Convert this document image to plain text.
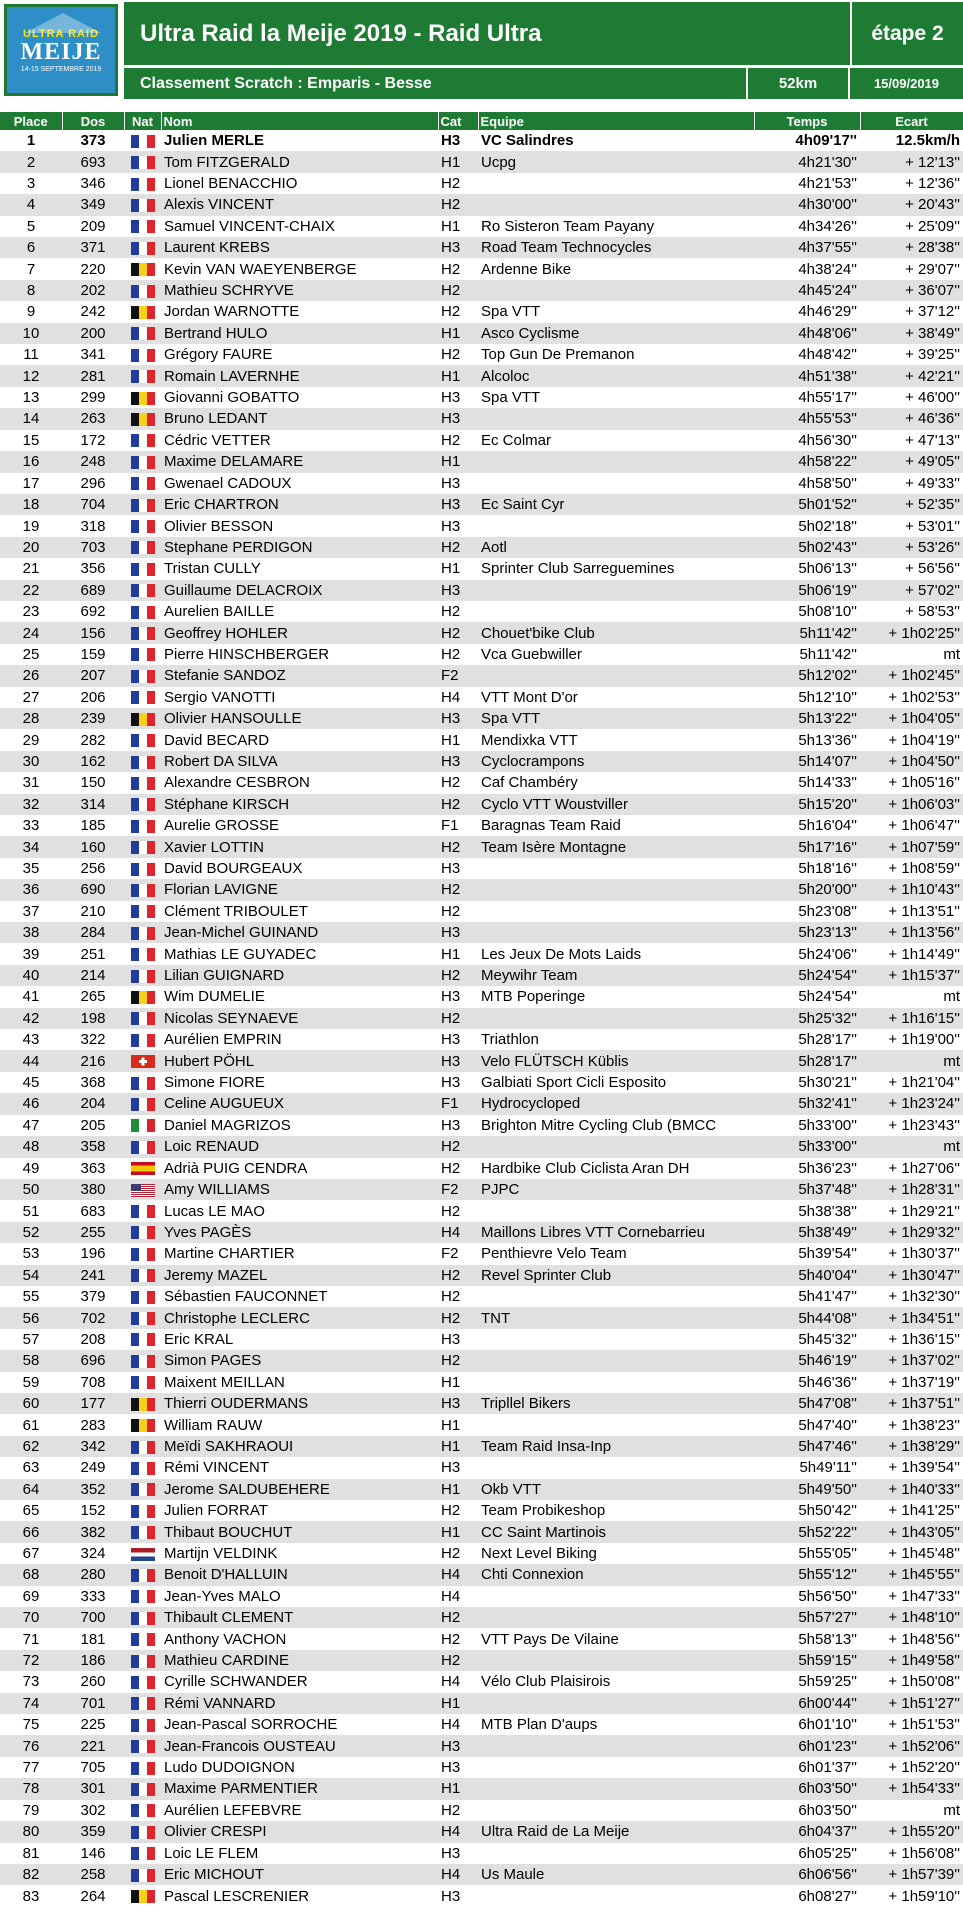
ULTRA RAID
MEIJE
14-15 SEPTEMBRE 2019
Ultra Raid la Meije 2019 - Raid Ultra	étape 2
Classement Scratch : Emparis - Besse	52km	15/09/2019
Place	Dos	Nat	Nom	Cat	Equipe	Temps	Ecart
1	373		Julien MERLE	H3	VC Salindres	4h09'17''	12.5km/h
2	693		Tom FITZGERALD	H1	Ucpg	4h21'30''	+ 12'13''
3	346		Lionel BENACCHIO	H2		4h21'53''	+ 12'36''
4	349		Alexis VINCENT	H2		4h30'00''	+ 20'43''
5	209		Samuel VINCENT-CHAIX	H1	Ro Sisteron Team Payany	4h34'26''	+ 25'09''
6	371		Laurent KREBS	H3	Road Team Technocycles	4h37'55''	+ 28'38''
7	220		Kevin VAN WAEYENBERGE	H2	Ardenne Bike	4h38'24''	+ 29'07''
8	202		Mathieu SCHRYVE	H2		4h45'24''	+ 36'07''
9	242		Jordan WARNOTTE	H2	Spa VTT	4h46'29''	+ 37'12''
10	200		Bertrand HULO	H1	Asco Cyclisme	4h48'06''	+ 38'49''
11	341		Grégory FAURE	H2	Top Gun De Premanon	4h48'42''	+ 39'25''
12	281		Romain LAVERNHE	H1	Alcoloc	4h51'38''	+ 42'21''
13	299		Giovanni GOBATTO	H3	Spa VTT	4h55'17''	+ 46'00''
14	263		Bruno LEDANT	H3		4h55'53''	+ 46'36''
15	172		Cédric VETTER	H2	Ec Colmar	4h56'30''	+ 47'13''
16	248		Maxime DELAMARE	H1		4h58'22''	+ 49'05''
17	296		Gwenael CADOUX	H3		4h58'50''	+ 49'33''
18	704		Eric CHARTRON	H3	Ec Saint Cyr	5h01'52''	+ 52'35''
19	318		Olivier BESSON	H3		5h02'18''	+ 53'01''
20	703		Stephane PERDIGON	H2	Aotl	5h02'43''	+ 53'26''
21	356		Tristan CULLY	H1	Sprinter Club Sarreguemines	5h06'13''	+ 56'56''
22	689		Guillaume DELACROIX	H3		5h06'19''	+ 57'02''
23	692		Aurelien BAILLE	H2		5h08'10''	+ 58'53''
24	156		Geoffrey HOHLER	H2	Chouet'bike Club	5h11'42''	+ 1h02'25''
25	159		Pierre HINSCHBERGER	H2	Vca Guebwiller	5h11'42''	mt
26	207		Stefanie SANDOZ	F2		5h12'02''	+ 1h02'45''
27	206		Sergio VANOTTI	H4	VTT Mont D'or	5h12'10''	+ 1h02'53''
28	239		Olivier HANSOULLE	H3	Spa VTT	5h13'22''	+ 1h04'05''
29	282		David BECARD	H1	Mendixka VTT	5h13'36''	+ 1h04'19''
30	162		Robert DA SILVA	H3	Cyclocrampons	5h14'07''	+ 1h04'50''
31	150		Alexandre CESBRON	H2	Caf Chambéry	5h14'33''	+ 1h05'16''
32	314		Stéphane KIRSCH	H2	Cyclo VTT Woustviller	5h15'20''	+ 1h06'03''
33	185		Aurelie GROSSE	F1	Baragnas Team Raid	5h16'04''	+ 1h06'47''
34	160		Xavier LOTTIN	H2	Team Isère Montagne	5h17'16''	+ 1h07'59''
35	256		David BOURGEAUX	H3		5h18'16''	+ 1h08'59''
36	690		Florian LAVIGNE	H2		5h20'00''	+ 1h10'43''
37	210		Clément TRIBOULET	H2		5h23'08''	+ 1h13'51''
38	284		Jean-Michel GUINAND	H3		5h23'13''	+ 1h13'56''
39	251		Mathias LE GUYADEC	H1	Les Jeux De Mots Laids	5h24'06''	+ 1h14'49''
40	214		Lilian GUIGNARD	H2	Meywihr Team	5h24'54''	+ 1h15'37''
41	265		Wim DUMELIE	H3	MTB Poperinge	5h24'54''	mt
42	198		Nicolas SEYNAEVE	H2		5h25'32''	+ 1h16'15''
43	322		Aurélien EMPRIN	H3	Triathlon	5h28'17''	+ 1h19'00''
44	216		Hubert PÖHL	H3	Velo FLÜTSCH Küblis	5h28'17''	mt
45	368		Simone FIORE	H3	Galbiati Sport Cicli Esposito	5h30'21''	+ 1h21'04''
46	204		Celine AUGUEUX	F1	Hydrocycloped	5h32'41''	+ 1h23'24''
47	205		Daniel MAGRIZOS	H3	Brighton Mitre Cycling Club (BMCC	5h33'00''	+ 1h23'43''
48	358		Loic RENAUD	H2		5h33'00''	mt
49	363		Adrià PUIG CENDRA	H2	Hardbike Club Ciclista Aran DH	5h36'23''	+ 1h27'06''
50	380		Amy WILLIAMS	F2	PJPC	5h37'48''	+ 1h28'31''
51	683		Lucas LE MAO	H2		5h38'38''	+ 1h29'21''
52	255		Yves PAGÈS	H4	Maillons Libres VTT Cornebarrieu	5h38'49''	+ 1h29'32''
53	196		Martine CHARTIER	F2	Penthievre Velo Team	5h39'54''	+ 1h30'37''
54	241		Jeremy MAZEL	H2	Revel Sprinter Club	5h40'04''	+ 1h30'47''
55	379		Sébastien FAUCONNET	H2		5h41'47''	+ 1h32'30''
56	702		Christophe LECLERC	H2	TNT	5h44'08''	+ 1h34'51''
57	208		Eric KRAL	H3		5h45'32''	+ 1h36'15''
58	696		Simon PAGES	H2		5h46'19''	+ 1h37'02''
59	708		Maixent MEILLAN	H1		5h46'36''	+ 1h37'19''
60	177		Thierri OUDERMANS	H3	Tripllel Bikers	5h47'08''	+ 1h37'51''
61	283		William RAUW	H1		5h47'40''	+ 1h38'23''
62	342		Meïdi SAKHRAOUI	H1	Team Raid Insa-Inp	5h47'46''	+ 1h38'29''
63	249		Rémi VINCENT	H3		5h49'11''	+ 1h39'54''
64	352		Jerome SALDUBEHERE	H1	Okb VTT	5h49'50''	+ 1h40'33''
65	152		Julien FORRAT	H2	Team Probikeshop	5h50'42''	+ 1h41'25''
66	382		Thibaut BOUCHUT	H1	CC Saint Martinois	5h52'22''	+ 1h43'05''
67	324		Martijn VELDINK	H2	Next Level Biking	5h55'05''	+ 1h45'48''
68	280		Benoit D'HALLUIN	H4	Chti Connexion	5h55'12''	+ 1h45'55''
69	333		Jean-Yves MALO	H4		5h56'50''	+ 1h47'33''
70	700		Thibault CLEMENT	H2		5h57'27''	+ 1h48'10''
71	181		Anthony VACHON	H2	VTT Pays De Vilaine	5h58'13''	+ 1h48'56''
72	186		Mathieu CARDINE	H2		5h59'15''	+ 1h49'58''
73	260		Cyrille SCHWANDER	H4	Vélo Club Plaisirois	5h59'25''	+ 1h50'08''
74	701		Rémi VANNARD	H1		6h00'44''	+ 1h51'27''
75	225		Jean-Pascal SORROCHE	H4	MTB Plan D'aups	6h01'10''	+ 1h51'53''
76	221		Jean-Francois OUSTEAU	H3		6h01'23''	+ 1h52'06''
77	705		Ludo DUDOIGNON	H3		6h01'37''	+ 1h52'20''
78	301		Maxime PARMENTIER	H1		6h03'50''	+ 1h54'33''
79	302		Aurélien LEFEBVRE	H2		6h03'50''	mt
80	359		Olivier CRESPI	H4	Ultra Raid de La Meije	6h04'37''	+ 1h55'20''
81	146		Loic LE FLEM	H3		6h05'25''	+ 1h56'08''
82	258		Eric MICHOUT	H4	Us Maule	6h06'56''	+ 1h57'39''
83	264		Pascal LESCRENIER	H3		6h08'27''	+ 1h59'10''
